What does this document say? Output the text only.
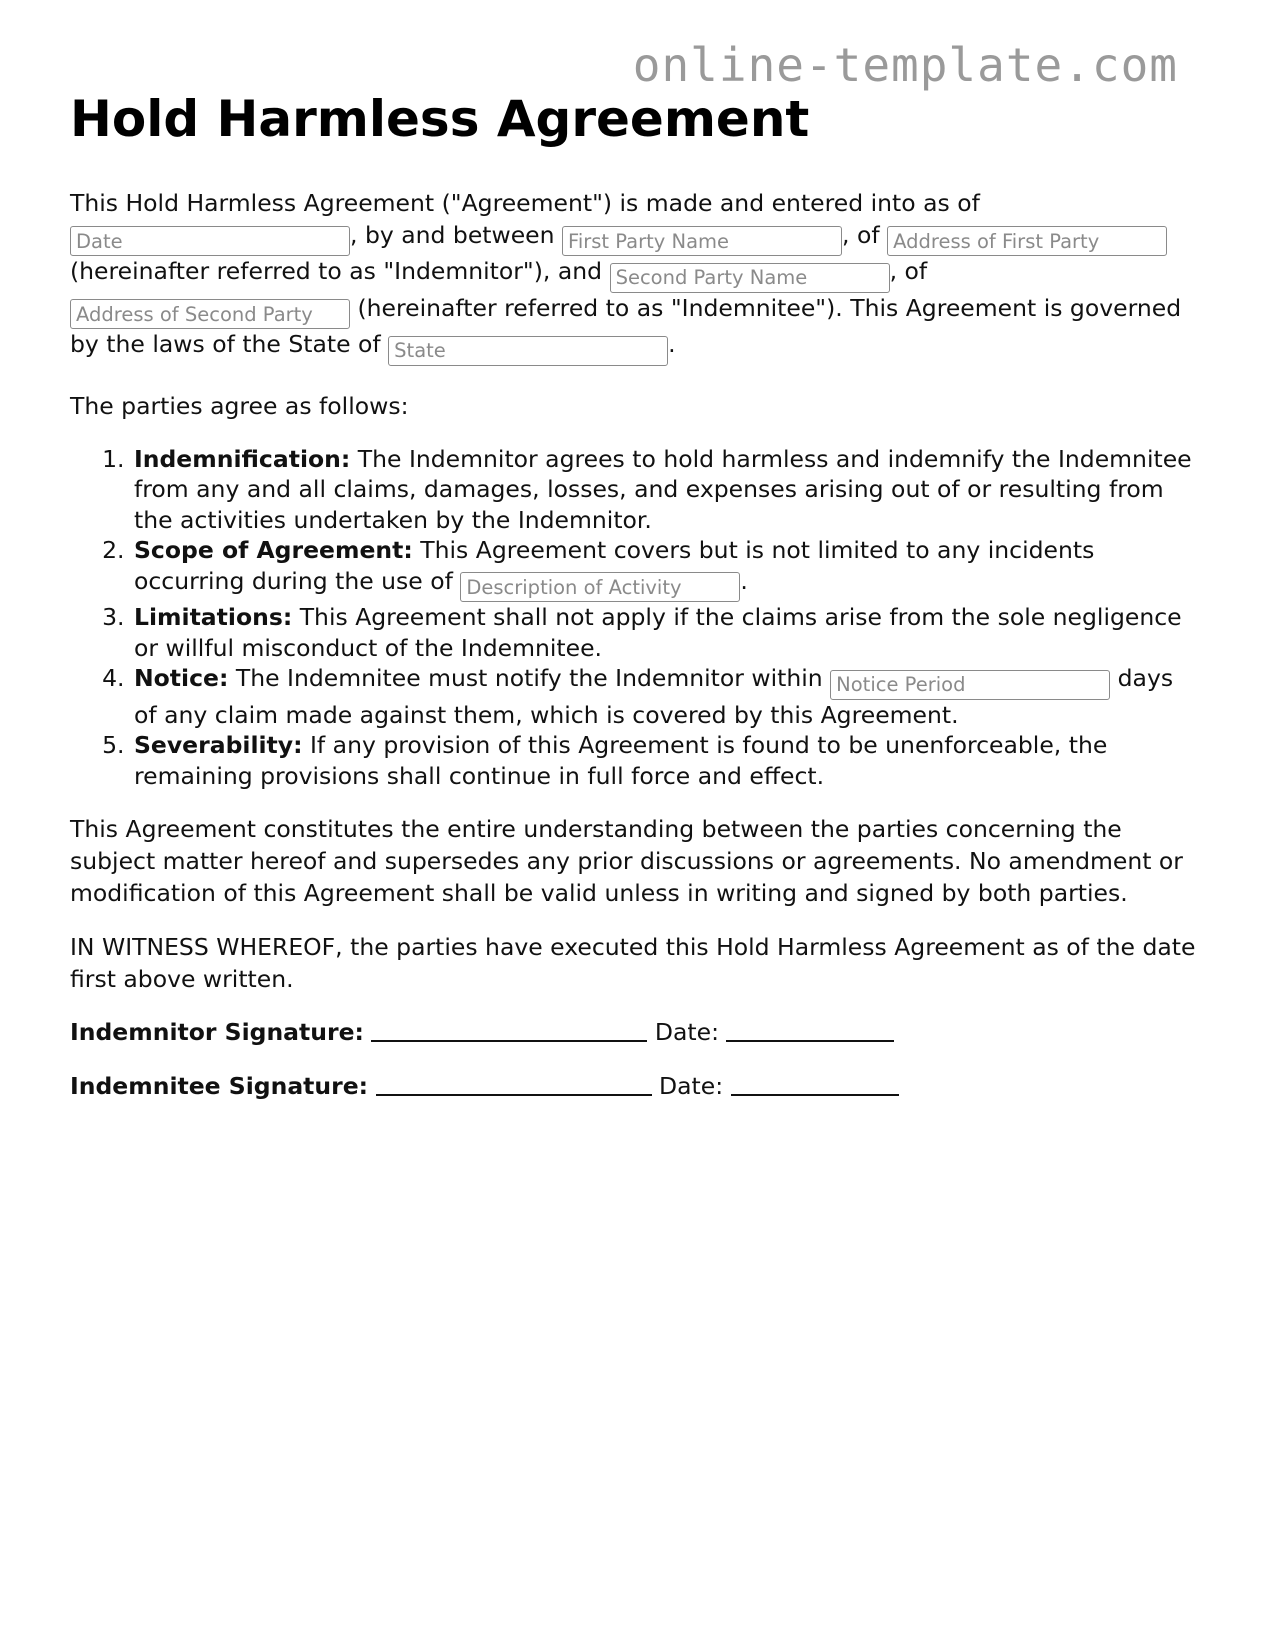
online-template.com
Hold Harmless Agreement

This Hold Harmless Agreement ("Agreement") is made and entered into as of Date, by and between First Party Name	, of Address of First Party (hereinafter referred to as "Indemnitor"), and Second Party Name	, of Address of Second Party (hereinafter referred to as "Indemnitee"). This Agreement is governed by the laws of the State of State	.

The parties agree as follows:

1. Indemnification: The Indemnitor agrees to hold harmless and indemnify the Indemnitee from any and all claims, damages, losses, and expenses arising out of or resulting from the activities undertaken by the Indemnitor.
2. Scope of Agreement: This Agreement covers but is not limited to any incidents occurring during the use of Description of Activity	.
3. Limitations: This Agreement shall not apply if the claims arise from the sole negligence or willful misconduct of the Indemnitee.
4. Notice: The Indemnitee must notify the Indemnitor within Notice Period	days of any claim made against them, which is covered by this Agreement.
5. Severability: If any provision of this Agreement is found to be unenforceable, the remaining provisions shall continue in full force and effect.

This Agreement constitutes the entire understanding between the parties concerning the subject matter hereof and supersedes any prior discussions or agreements. No amendment or modification of this Agreement shall be valid unless in writing and signed by both parties.

IN WITNESS WHEREOF, the parties have executed this Hold Harmless Agreement as of the date first above written.

Indemnitor Signature:	Date:

Indemnitee Signature:	Date:
